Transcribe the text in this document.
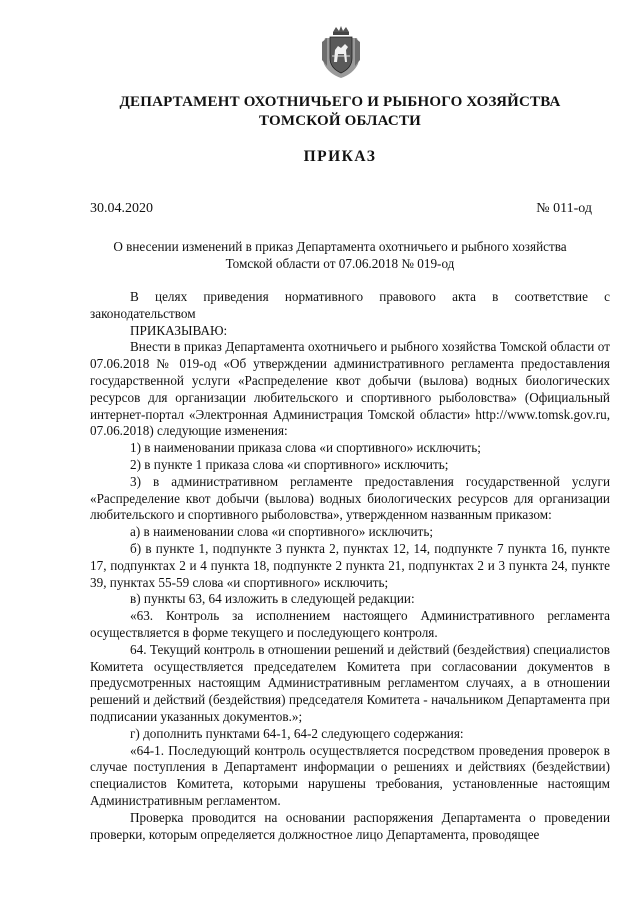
ДЕПАРТАМЕНТ ОХОТНИЧЬЕГО И РЫБНОГО ХОЗЯЙСТВА
ТОМСКОЙ ОБЛАСТИ
ПРИКАЗ
30.04.2020	№ 011-од
О внесении изменений в приказ Департамента охотничьего и рыбного хозяйства
Томской области от 07.06.2018 № 019-од

В целях приведения нормативного правового акта в соответствие с законодательством

ПРИКАЗЫВАЮ:

Внести в приказ Департамента охотничьего и рыбного хозяйства Томской области от 07.06.2018 № 019-од «Об утверждении административного регламента предоставления государственной услуги «Распределение квот добычи (вылова) водных биологических ресурсов для организации любительского и спортивного рыболовства» (Официальный интернет-портал «Электронная Администрация Томской области» http://www.tomsk.gov.ru, 07.06.2018) следующие изменения:

1) в наименовании приказа слова «и спортивного» исключить;

2) в пункте 1 приказа слова «и спортивного» исключить;

3) в административном регламенте предоставления государственной услуги «Распределение квот добычи (вылова) водных биологических ресурсов для организации любительского и спортивного рыболовства», утвержденном названным приказом:

а) в наименовании слова «и спортивного» исключить;

б) в пункте 1, подпункте 3 пункта 2, пунктах 12, 14, подпункте 7 пункта 16, пункте 17, подпунктах 2 и 4 пункта 18, подпункте 2 пункта 21, подпунктах 2 и 3 пункта 24, пункте 39, пунктах 55-59 слова «и спортивного» исключить;

в) пункты 63, 64 изложить в следующей редакции:

«63. Контроль за исполнением настоящего Административного регламента осуществляется в форме текущего и последующего контроля.

64. Текущий контроль в отношении решений и действий (бездействия) специалистов Комитета осуществляется председателем Комитета при согласовании документов в предусмотренных настоящим Административным регламентом случаях, а в отношении решений и действий (бездействия) председателя Комитета - начальником Департамента при подписании указанных документов.»;

г) дополнить пунктами 64-1, 64-2 следующего содержания:

«64-1. Последующий контроль осуществляется посредством проведения проверок в случае поступления в Департамент информации о решениях и действиях (бездействии) специалистов Комитета, которыми нарушены требования, установленные настоящим Административным регламентом.

Проверка проводится на основании распоряжения Департамента о проведении проверки, которым определяется должностное лицо Департамента, проводящее
